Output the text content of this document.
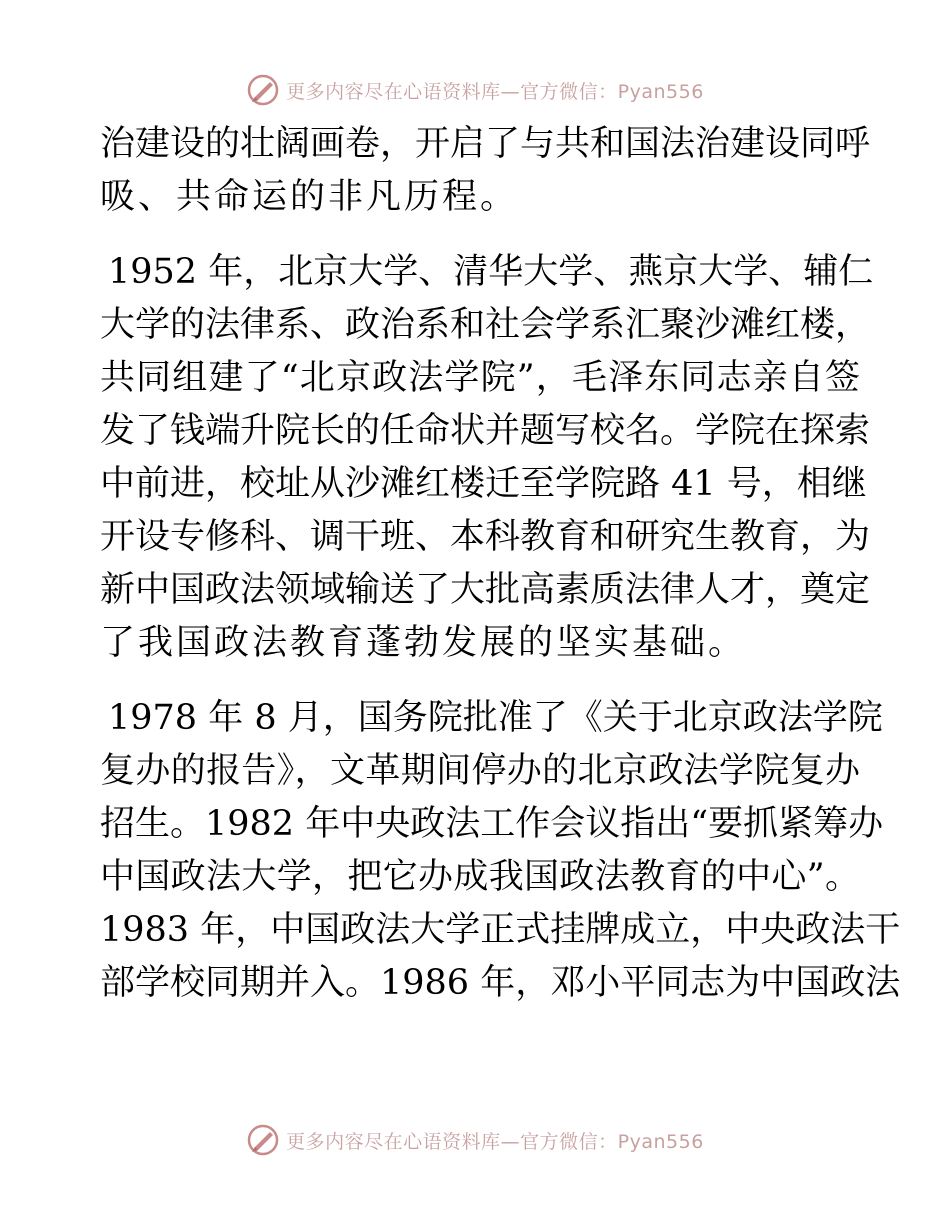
更多内容尽在心语资料库—官方微信：Pyan556
治建设的壮阔画卷，开启了与共和国法治建设同呼
吸、共命运的非凡历程。
1952 年，北京大学、清华大学、燕京大学、辅仁
大学的法律系、政治系和社会学系汇聚沙滩红楼，
共同组建了“北京政法学院”，毛泽东同志亲自签
发了钱端升院长的任命状并题写校名。学院在探索
中前进，校址从沙滩红楼迁至学院路 41 号，相继
开设专修科、调干班、本科教育和研究生教育，为
新中国政法领域输送了大批高素质法律人才，奠定
了我国政法教育蓬勃发展的坚实基础。
1978 年 8 月，国务院批准了《关于北京政法学院
复办的报告》，文革期间停办的北京政法学院复办
招生。1982 年中央政法工作会议指出“要抓紧筹办
中国政法大学，把它办成我国政法教育的中心”。
1983 年，中国政法大学正式挂牌成立，中央政法干
部学校同期并入。1986 年，邓小平同志为中国政法
更多内容尽在心语资料库—官方微信：Pyan556
